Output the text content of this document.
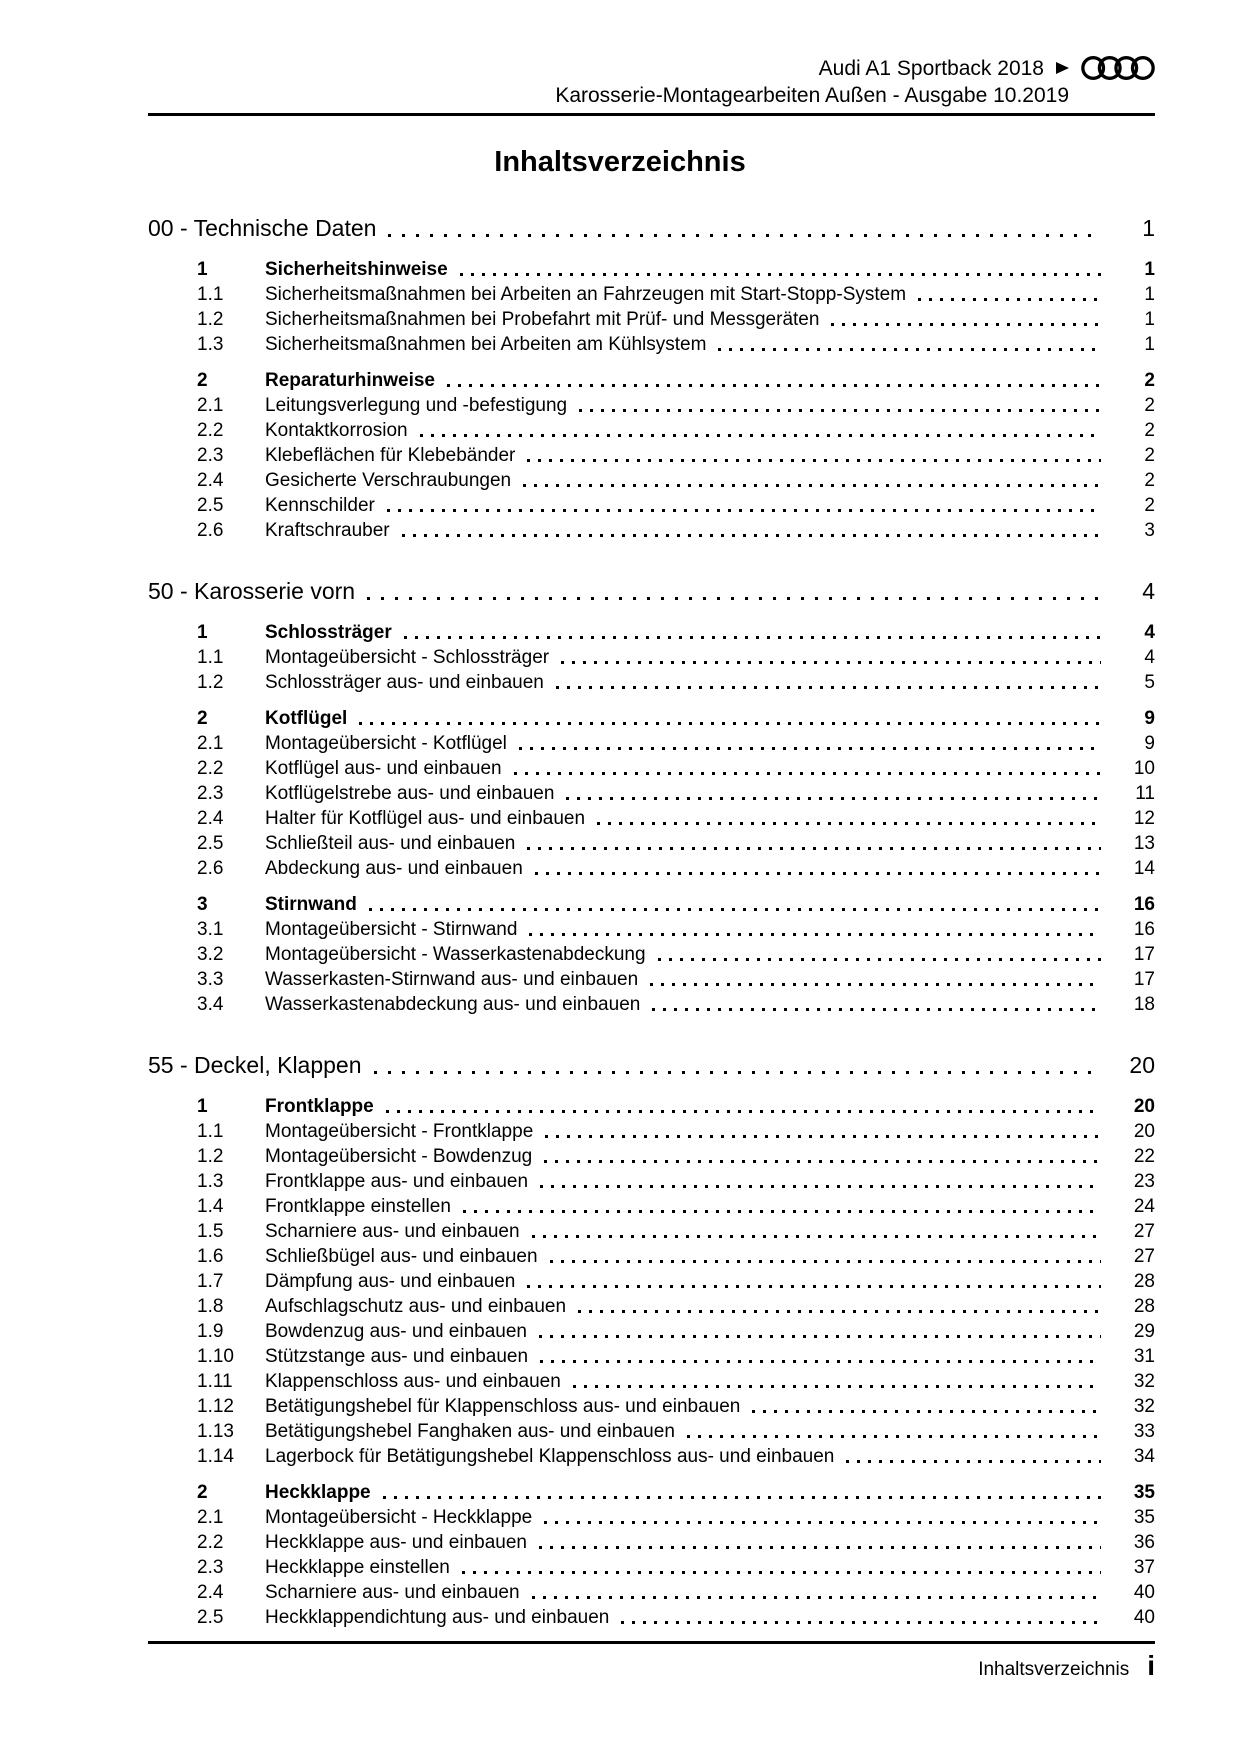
Audi A1 Sportback 2018
Karosserie-Montagearbeiten Außen - Ausgabe 10.2019
Inhaltsverzeichnis
00 - Technische Daten	1
1	Sicherheitshinweise	1
1.1	Sicherheitsmaßnahmen bei Arbeiten an Fahrzeugen mit Start-Stopp-System	1
1.2	Sicherheitsmaßnahmen bei Probefahrt mit Prüf- und Messgeräten	1
1.3	Sicherheitsmaßnahmen bei Arbeiten am Kühlsystem	1
2	Reparaturhinweise	2
2.1	Leitungsverlegung und -befestigung	2
2.2	Kontaktkorrosion	2
2.3	Klebeflächen für Klebebänder	2
2.4	Gesicherte Verschraubungen	2
2.5	Kennschilder	2
2.6	Kraftschrauber	3
50 - Karosserie vorn	4
1	Schlossträger	4
1.1	Montageübersicht - Schlossträger	4
1.2	Schlossträger aus- und einbauen	5
2	Kotflügel	9
2.1	Montageübersicht - Kotflügel	9
2.2	Kotflügel aus- und einbauen	10
2.3	Kotflügelstrebe aus- und einbauen	11
2.4	Halter für Kotflügel aus- und einbauen	12
2.5	Schließteil aus- und einbauen	13
2.6	Abdeckung aus- und einbauen	14
3	Stirnwand	16
3.1	Montageübersicht - Stirnwand	16
3.2	Montageübersicht - Wasserkastenabdeckung	17
3.3	Wasserkasten-Stirnwand aus- und einbauen	17
3.4	Wasserkastenabdeckung aus- und einbauen	18
55 - Deckel, Klappen	20
1	Frontklappe	20
1.1	Montageübersicht - Frontklappe	20
1.2	Montageübersicht - Bowdenzug	22
1.3	Frontklappe aus- und einbauen	23
1.4	Frontklappe einstellen	24
1.5	Scharniere aus- und einbauen	27
1.6	Schließbügel aus- und einbauen	27
1.7	Dämpfung aus- und einbauen	28
1.8	Aufschlagschutz aus- und einbauen	28
1.9	Bowdenzug aus- und einbauen	29
1.10	Stützstange aus- und einbauen	31
1.11	Klappenschloss aus- und einbauen	32
1.12	Betätigungshebel für Klappenschloss aus- und einbauen	32
1.13	Betätigungshebel Fanghaken aus- und einbauen	33
1.14	Lagerbock für Betätigungshebel Klappenschloss aus- und einbauen	34
2	Heckklappe	35
2.1	Montageübersicht - Heckklappe	35
2.2	Heckklappe aus- und einbauen	36
2.3	Heckklappe einstellen	37
2.4	Scharniere aus- und einbauen	40
2.5	Heckklappendichtung aus- und einbauen	40
Inhaltsverzeichnis i
